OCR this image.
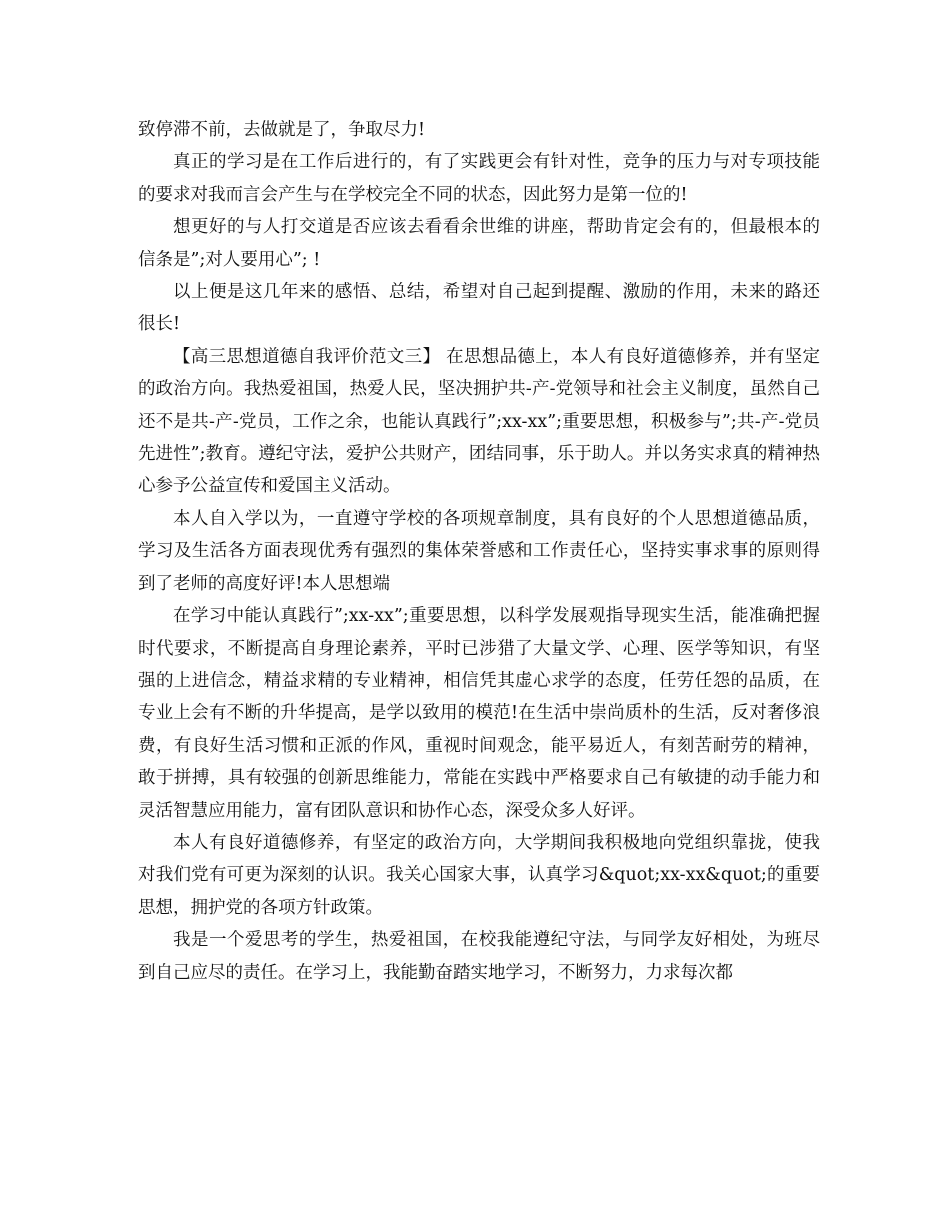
致停滞不前，去做就是了，争取尽力!

真正的学习是在工作后进行的，有了实践更会有针对性，竞争的压力与对专项技能的要求对我而言会产生与在学校完全不同的状态，因此努力是第一位的!

想更好的与人打交道是否应该去看看余世维的讲座，帮助肯定会有的，但最根本的信条是”;对人要用心”; !

以上便是这几年来的感悟、总结，希望对自己起到提醒、激励的作用，未来的路还很长!

【高三思想道德自我评价范文三】 在思想品德上，本人有良好道德修养，并有坚定的政治方向。我热爱祖国，热爱人民，坚决拥护共-产-党领导和社会主义制度，虽然自己还不是共-产-党员，工作之余，也能认真践行”;xx-xx”;重要思想，积极参与”;共-产-党员先进性”;教育。遵纪守法，爱护公共财产，团结同事，乐于助人。并以务实求真的精神热心参予公益宣传和爱国主义活动。

本人自入学以为，一直遵守学校的各项规章制度，具有良好的个人思想道德品质，学习及生活各方面表现优秀有强烈的集体荣誉感和工作责任心，坚持实事求事的原则得到了老师的高度好评!本人思想端

在学习中能认真践行”;xx-xx”;重要思想，以科学发展观指导现实生活，能准确把握时代要求，不断提高自身理论素养，平时已涉猎了大量文学、心理、医学等知识，有坚强的上进信念，精益求精的专业精神，相信凭其虚心求学的态度，任劳任怨的品质，在专业上会有不断的升华提高，是学以致用的模范!在生活中崇尚质朴的生活，反对奢侈浪费，有良好生活习惯和正派的作风，重视时间观念，能平易近人，有刻苦耐劳的精神，敢于拼搏，具有较强的创新思维能力，常能在实践中严格要求自己有敏捷的动手能力和灵活智慧应用能力，富有团队意识和协作心态，深受众多人好评。

本人有良好道德修养，有坚定的政治方向，大学期间我积极地向党组织靠拢，使我对我们党有可更为深刻的认识。我关心国家大事，认真学习&quot;xx-xx&quot;的重要思想，拥护党的各项方针政策。

我是一个爱思考的学生，热爱祖国，在校我能遵纪守法，与同学友好相处，为班尽到自己应尽的责任。在学习上，我能勤奋踏实地学习，不断努力，力求每次都
